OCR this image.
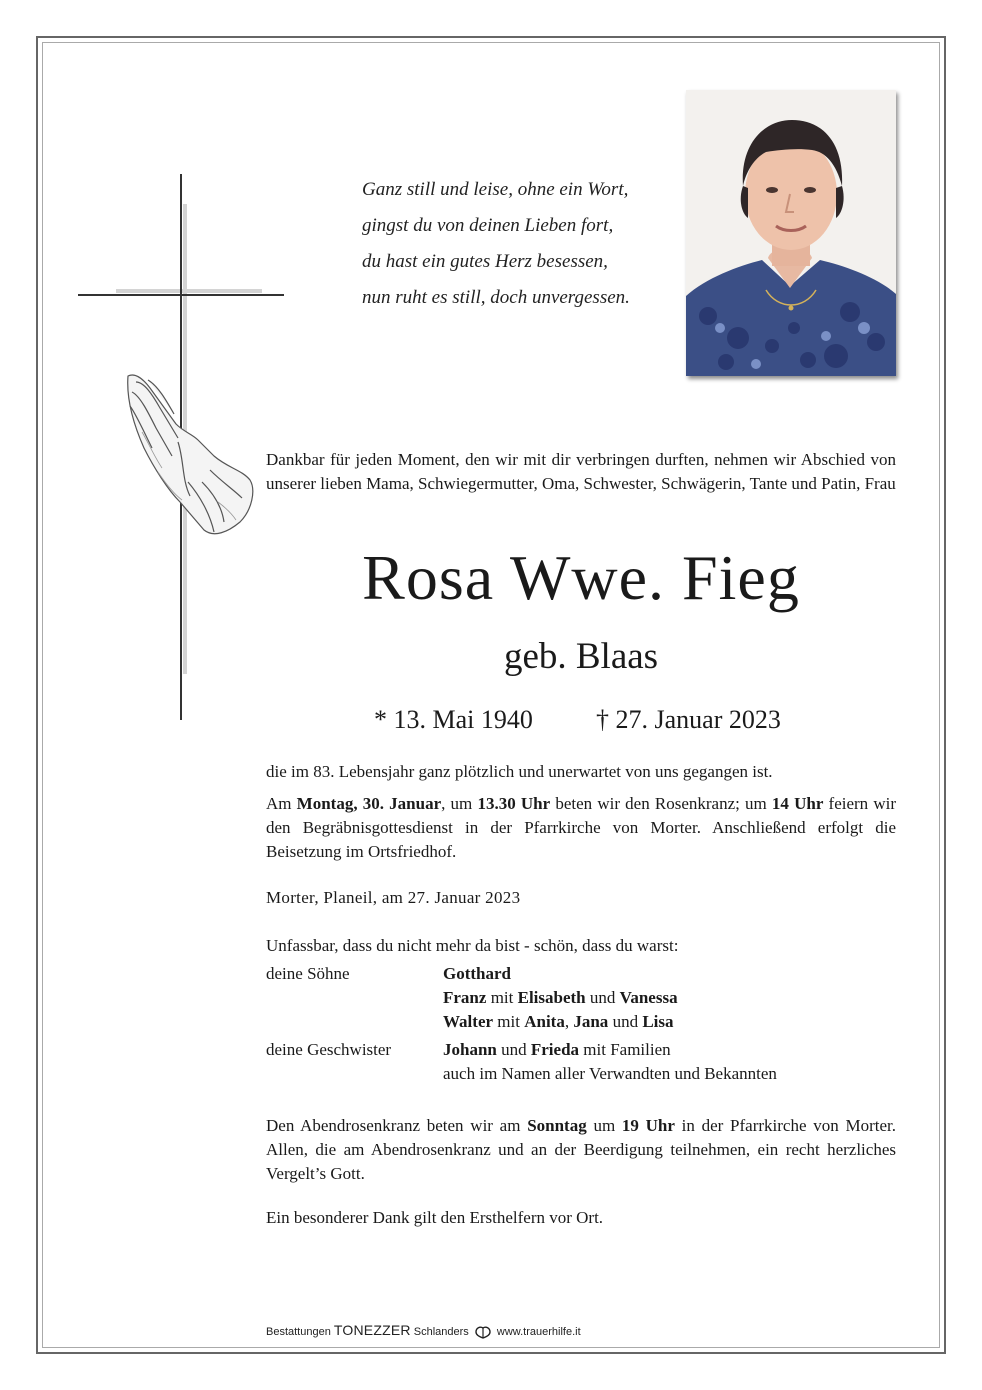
Ganz still und leise, ohne ein Wort,
gingst du von deinen Lieben fort,
du hast ein gutes Herz besessen,
nun ruht es still, doch unvergessen.
Dankbar für jeden Moment, den wir mit dir verbringen durften, nehmen wir Abschied von unserer lieben Mama, Schwiegermutter, Oma, Schwester, Schwägerin, Tante und Patin, Frau
Rosa Wwe. Fieg
geb. Blaas
* 13. Mai 1940 † 27. Januar 2023
die im 83. Lebensjahr ganz plötzlich und unerwartet von uns gegangen ist.
Am Montag, 30. Januar, um 13.30 Uhr beten wir den Rosenkranz; um 14 Uhr feiern wir den Begräbnisgottesdienst in der Pfarrkirche von Morter. Anschließend erfolgt die Beisetzung im Ortsfriedhof.
Morter, Planeil, am 27. Januar 2023
Unfassbar, dass du nicht mehr da bist - schön, dass du warst:
deine Söhne	Gotthard
Franz mit Elisabeth und Vanessa
Walter mit Anita, Jana und Lisa
deine Geschwister	Johann und Frieda mit Familien
auch im Namen aller Verwandten und Bekannten
Den Abendrosenkranz beten wir am Sonntag um 19 Uhr in der Pfarrkirche von Morter. Allen, die am Abendrosenkranz und an der Beerdigung teilnehmen, ein recht herzliches Vergelt’s Gott.
Ein besonderer Dank gilt den Ersthelfern vor Ort.
Bestattungen TONEZZER Schlanders	www.trauerhilfe.it
